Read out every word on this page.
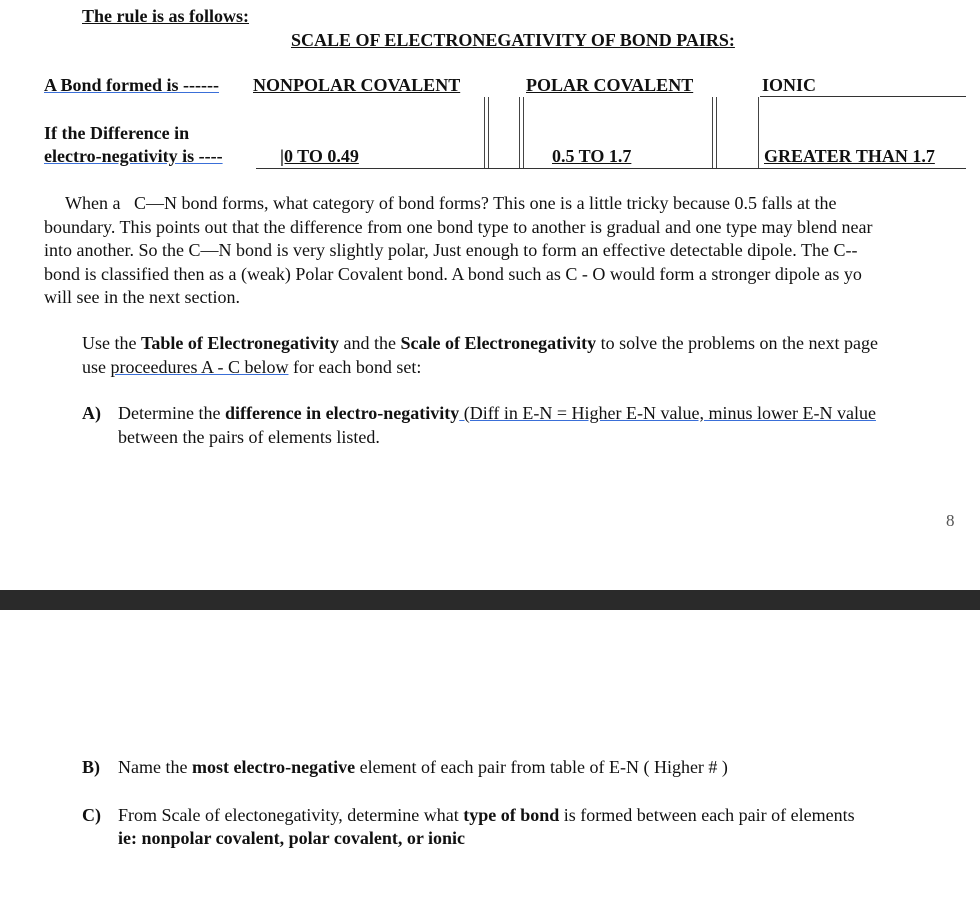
The rule is as follows:
SCALE OF ELECTRONEGATIVITY OF BOND PAIRS:
A Bond formed is ------ NONPOLAR COVALENT	POLAR COVALENT	IONIC
If the Difference in
electro-negativity is ----	|0 TO 0.49	0.5 TO 1.7	GREATER THAN 1.7
When a   C—N bond forms, what category of bond forms? This one is a little tricky because 0.5 falls at the
boundary. This points out that the difference from one bond type to another is gradual and one type may blend near
into another. So the C—N bond is very slightly polar, Just enough to form an effective detectable dipole. The C--
bond is classified then as a (weak) Polar Covalent bond. A bond such as C - O would form a stronger dipole as yo
will see in the next section.
Use the Table of Electronegativity and the Scale of Electronegativity to solve the problems on the next page
use proceedures A - C below for each bond set:
A) Determine the difference in electro-negativity (Diff in E-N = Higher E-N value, minus lower E-N value
between the pairs of elements listed.
8
B) Name the most electro-negative element of each pair from table of E-N ( Higher # )
C) From Scale of electonegativity, determine what type of bond is formed between each pair of elements
ie: nonpolar covalent, polar covalent, or ionic
